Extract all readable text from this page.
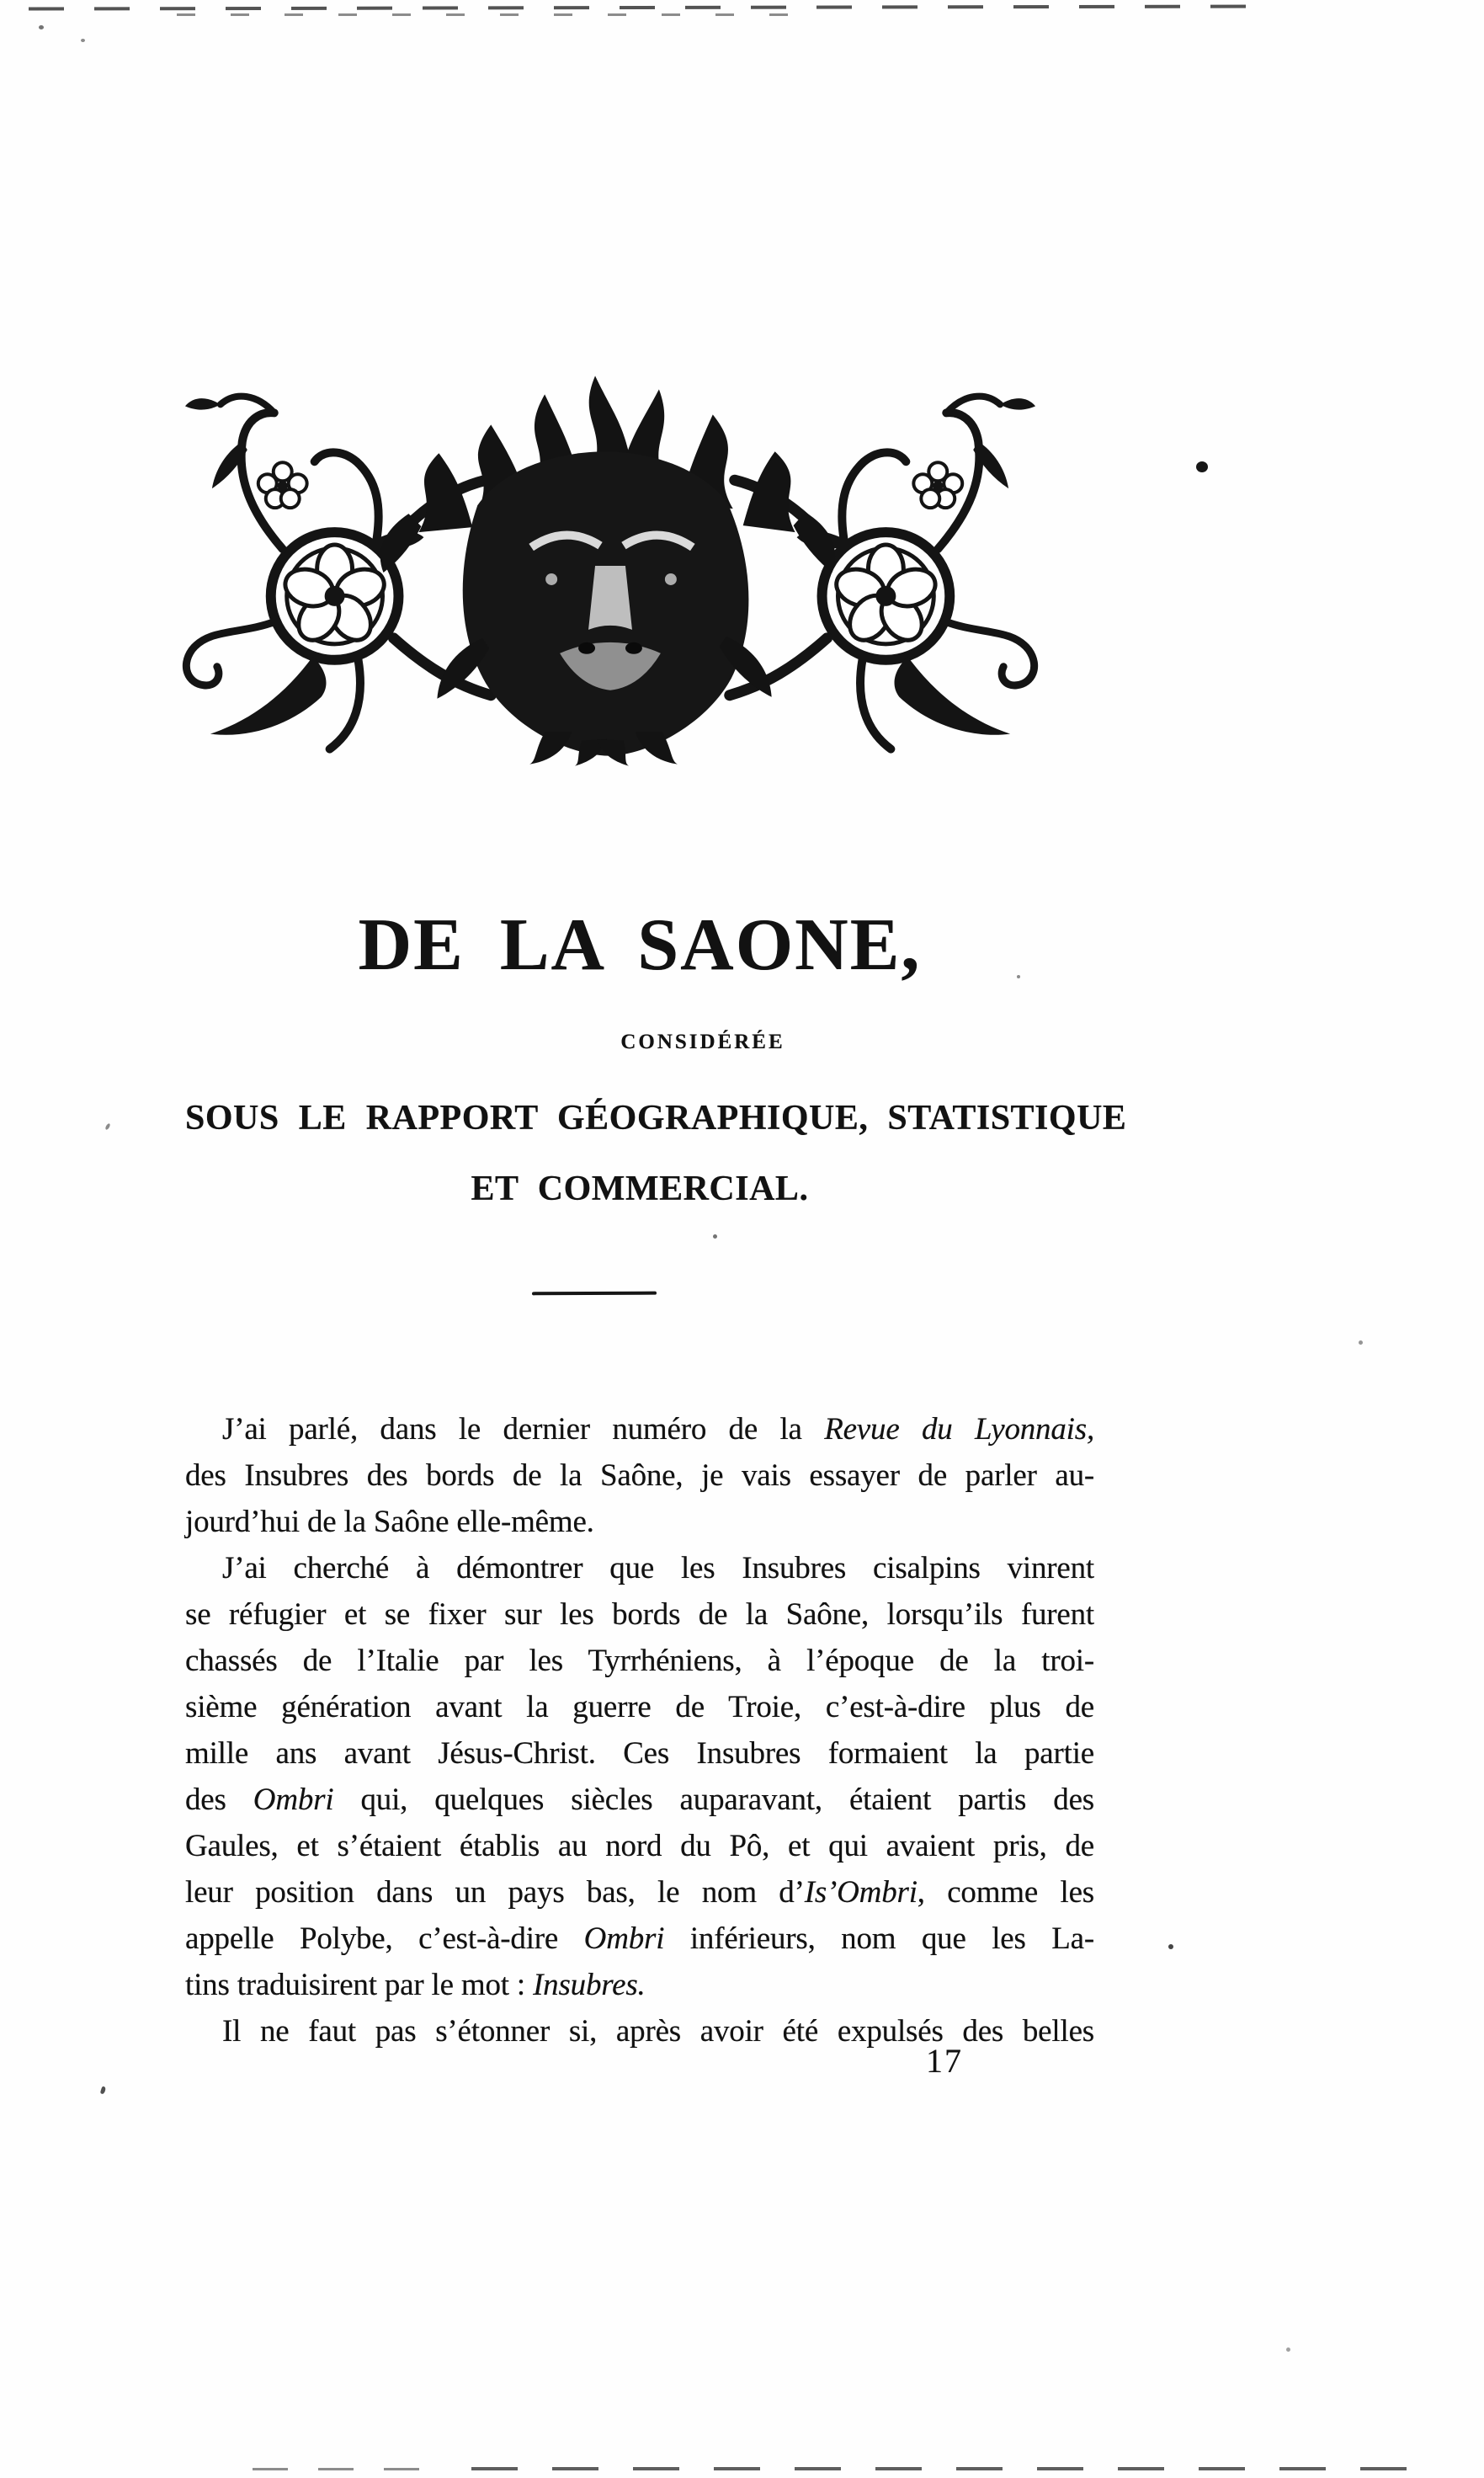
DE LA SAONE,
CONSIDÉRÉE
SOUS LE RAPPORT GÉOGRAPHIQUE, STATISTIQUE
ET COMMERCIAL.
J’ai parlé, dans le dernier numéro de la Revue du Lyonnais,
des Insubres des bords de la Saône, je vais essayer de parler au-
jourd’hui de la Saône elle-même.
J’ai cherché à démontrer que les Insubres cisalpins vinrent
se réfugier et se fixer sur les bords de la Saône, lorsqu’ils furent
chassés de l’Italie par les Tyrrhéniens, à l’époque de la troi-
sième génération avant la guerre de Troie, c’est-à-dire plus de
mille ans avant Jésus-Christ. Ces Insubres formaient la partie
des Ombri qui, quelques siècles auparavant, étaient partis des
Gaules, et s’étaient établis au nord du Pô, et qui avaient pris, de
leur position dans un pays bas, le nom d’Is’Ombri, comme les
appelle Polybe, c’est-à-dire Ombri inférieurs, nom que les La-
tins traduisirent par le mot : Insubres.
Il ne faut pas s’étonner si, après avoir été expulsés des belles
17
